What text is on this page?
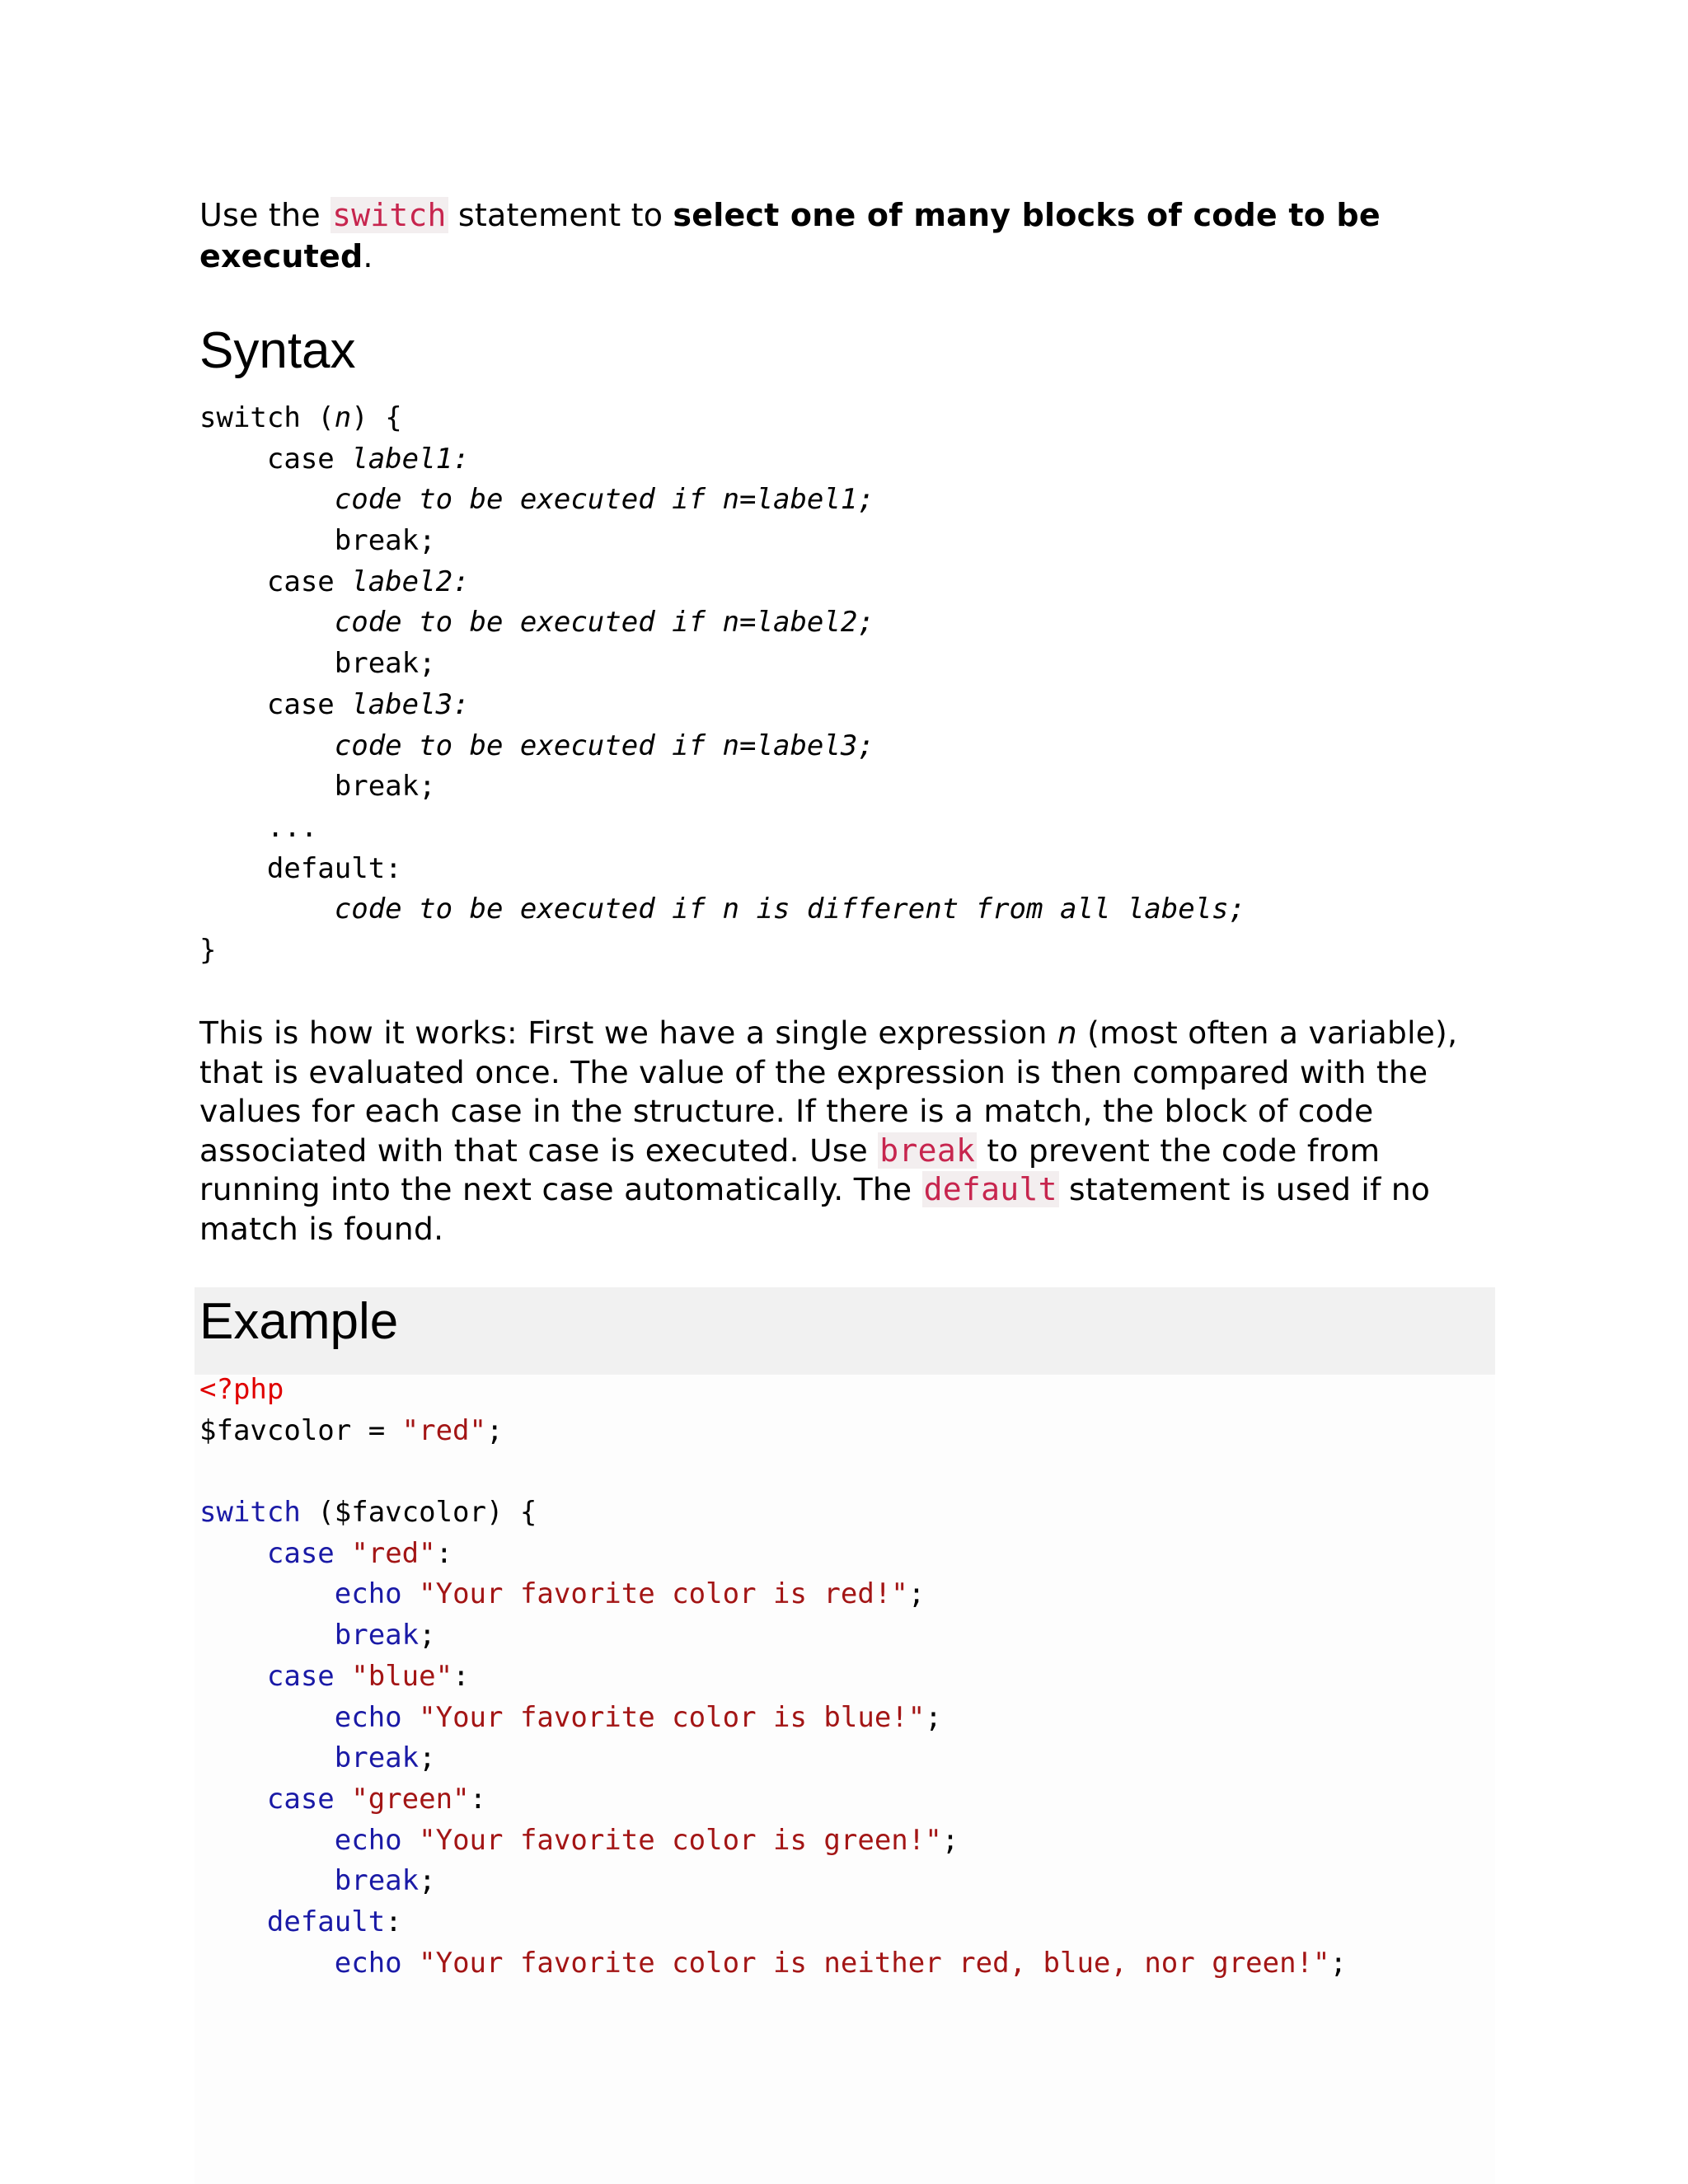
Use the switch statement to select one of many blocks of code to be executed.
Syntax
switch (n) {
case label1:
code to be executed if n=label1;
break;
case label2:
code to be executed if n=label2;
break;
case label3:
code to be executed if n=label3;
break;
...
default:
code to be executed if n is different from all labels;
}
This is how it works: First we have a single expression n (most often a variable), that is evaluated once. The value of the expression is then compared with the values for each case in the structure. If there is a match, the block of code associated with that case is executed. Use break to prevent the code from running into the next case automatically. The default statement is used if no match is found.
Example
<?php
$favcolor = "red";

switch ($favcolor) {
case "red":
echo "Your favorite color is red!";
break;
case "blue":
echo "Your favorite color is blue!";
break;
case "green":
echo "Your favorite color is green!";
break;
default:
echo "Your favorite color is neither red, blue, nor green!";
